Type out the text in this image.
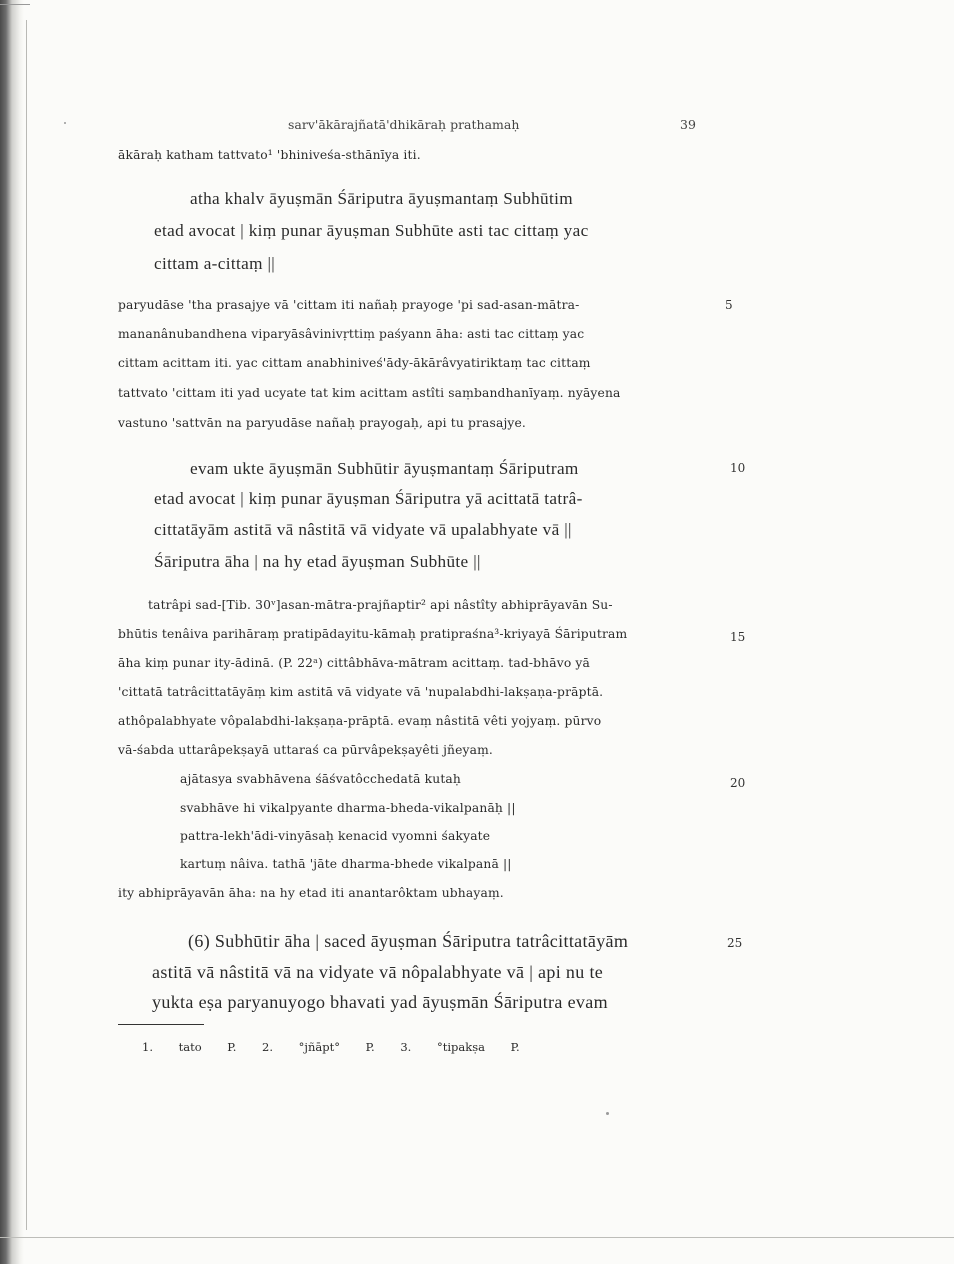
sarv'ākārajñatā'dhikāraḥ prathamaḥ	39
ākāraḥ katham tattvato¹ 'bhiniveśa-sthānīya iti.
atha khalv āyuṣmān Śāriputra āyuṣmantaṃ Subhūtim
etad avocat | kiṃ punar āyuṣman Subhūte asti tac cittaṃ yac
cittam a-cittaṃ ||
paryudāse 'tha prasajye vā 'cittam iti nañaḥ prayoge 'pi sad-asan-mātra-	5
mananânubandhena viparyāsâvinivṛttiṃ paśyann āha: asti tac cittaṃ yac
cittam acittam iti. yac cittam anabhiniveś'ādy-ākārâvyatiriktaṃ tac cittaṃ
tattvato 'cittam iti yad ucyate tat kim acittam astîti saṃbandhanīyaṃ. nyāyena
vastuno 'sattvān na paryudāse nañaḥ prayogaḥ, api tu prasajye.
evam ukte āyuṣmān Subhūtir āyuṣmantaṃ Śāriputram	10
etad avocat | kiṃ punar āyuṣman Śāriputra yā acittatā tatrâ-
cittatāyām astitā vā nâstitā vā vidyate vā upalabhyate vā ||
Śāriputra āha | na hy etad āyuṣman Subhūte ||
tatrâpi sad-[Tib. 30ᵛ]asan-mātra-prajñaptir² api nâstîty abhiprāyavān Su-
bhūtis tenâiva parihāraṃ pratipādayitu-kāmaḥ pratipraśna³-kriyayā Śāriputram	15
āha kiṃ punar ity-ādinā. (P. 22ᵃ) cittâbhāva-mātram acittaṃ. tad-bhāvo yā
'cittatā tatrâcittatāyāṃ kim astitā vā vidyate vā 'nupalabdhi-lakṣaṇa-prāptā.
athôpalabhyate vôpalabdhi-lakṣaṇa-prāptā. evaṃ nâstitā vêti yojyaṃ. pūrvo
vā-śabda uttarâpekṣayā uttaraś ca pūrvâpekṣayêti jñeyaṃ.
ajātasya svabhāvena śāśvatôcchedatā kutaḥ	20
svabhāve hi vikalpyante dharma-bheda-vikalpanāḥ ||
pattra-lekh'ādi-vinyāsaḥ kenacid vyomni śakyate
kartuṃ nâiva. tathā 'jāte dharma-bhede vikalpanā ||
ity abhiprāyavān āha: na hy etad iti anantarôktam ubhayaṃ.
(6) Subhūtir āha | saced āyuṣman Śāriputra tatrâcittatāyām	25
astitā vā nâstitā vā na vidyate vā nôpalabhyate vā | api nu te
yukta eṣa paryanuyogo bhavati yad āyuṣmān Śāriputra evam
1. tato P. 2. °jñāpt° P. 3. °tipakṣa P.
